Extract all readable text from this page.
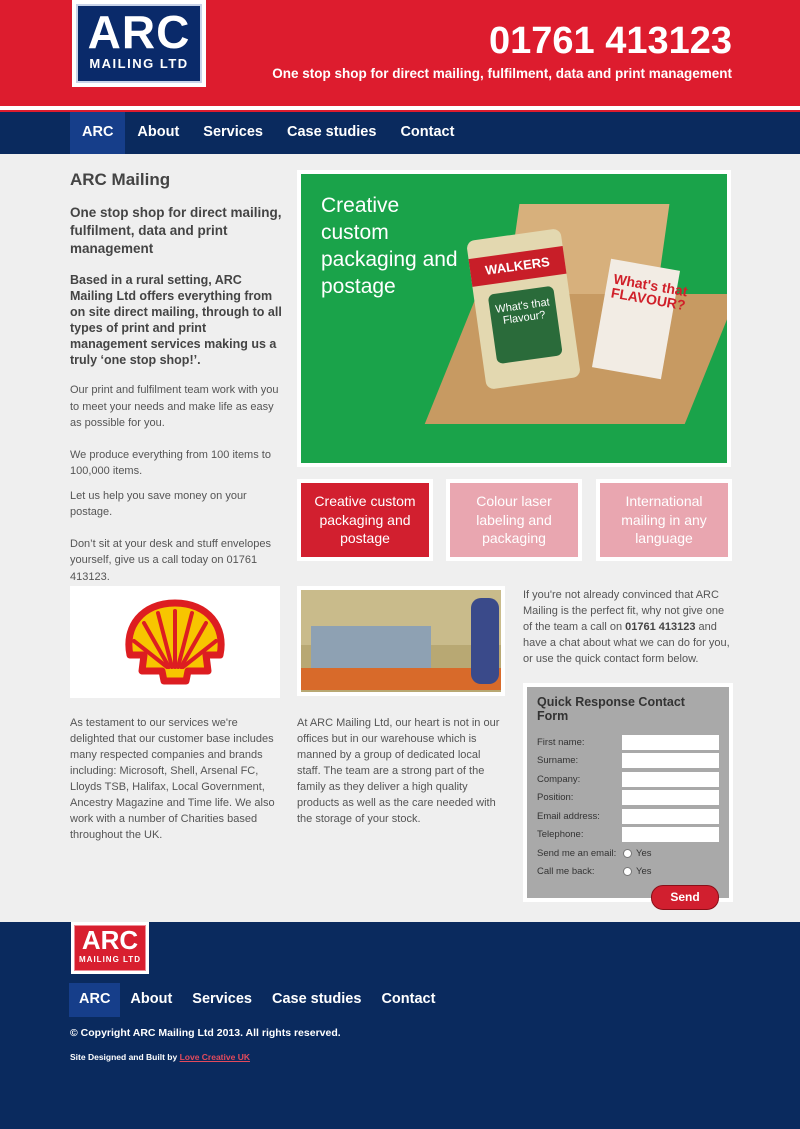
ARC
MAILING LTD
01761 413123
One stop shop for direct mailing, fulfilment, data and print management
ARC	About	Services	Case studies	Contact
ARC Mailing
One stop shop for direct mailing, fulfilment, data and print management
Based in a rural setting, ARC Mailing Ltd offers everything from on site direct mailing, through to all types of print and print management services making us a truly ‘one stop shop!’.

Our print and fulfilment team work with you to meet your needs and make life as easy as possible for you.

We produce everything from 100 items to 100,000 items.

Let us help you save money on your postage.

Don’t sit at your desk and stuff envelopes yourself, give us a call today on 01761 413123.

What's that FLAVOUR?
WALKERS
What's that Flavour?
Creative custom packaging and postage
Creative custom packaging and postage
Colour laser labeling and packaging
International mailing in any language
As testament to our services we're delighted that our customer base includes many respected companies and brands including: Microsoft, Shell, Arsenal FC, Lloyds TSB, Halifax, Local Government, Ancestry Magazine and Time life. We also work with a number of Charities based throughout the UK.
At ARC Mailing Ltd, our heart is not in our offices but in our warehouse which is manned by a group of dedicated local staff. The team are a strong part of the family as they deliver a high quality products as well as the care needed with the storage of your stock.
If you're not already convinced that ARC Mailing is the perfect fit, why not give one of the team a call on 01761 413123 and have a chat about what we can do for you, or use the quick contact form below.
Quick Response Contact Form
First name:
Surname:
Company:
Position:
Email address:
Telephone:
Send me an email:	Yes
Call me back:	Yes
Send
ARC
MAILING LTD
ARC	About	Services	Case studies	Contact
© Copyright ARC Mailing Ltd 2013. All rights reserved.
Site Designed and Built by Love Creative UK
